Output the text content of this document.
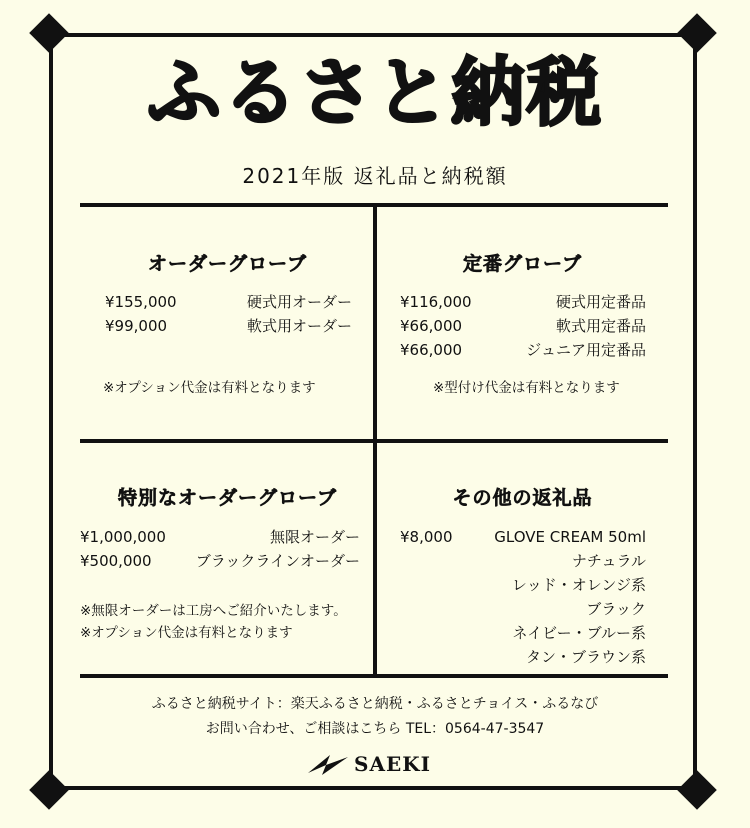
ふるさと納税
2021年版 返礼品と納税額
オーダーグローブ
¥155,000	硬式用オーダー
¥99,000	軟式用オーダー
※オプション代金は有料となります
定番グローブ
¥116,000	硬式用定番品
¥66,000	軟式用定番品
¥66,000	ジュニア用定番品
※型付け代金は有料となります
特別なオーダーグローブ
¥1,000,000	無限オーダー
¥500,000	ブラックラインオーダー
※無限オーダーは工房へご紹介いたします。
※オプション代金は有料となります
その他の返礼品
¥8,000	GLOVE CREAM 50ml
ナチュラル
レッド・オレンジ系
ブラック
ネイビー・ブルー系
タン・ブラウン系
ふるさと納税サイト：楽天ふるさと納税・ふるさとチョイス・ふるなび
お問い合わせ、ご相談はこちら TEL：0564-47-3547
SAEKI
